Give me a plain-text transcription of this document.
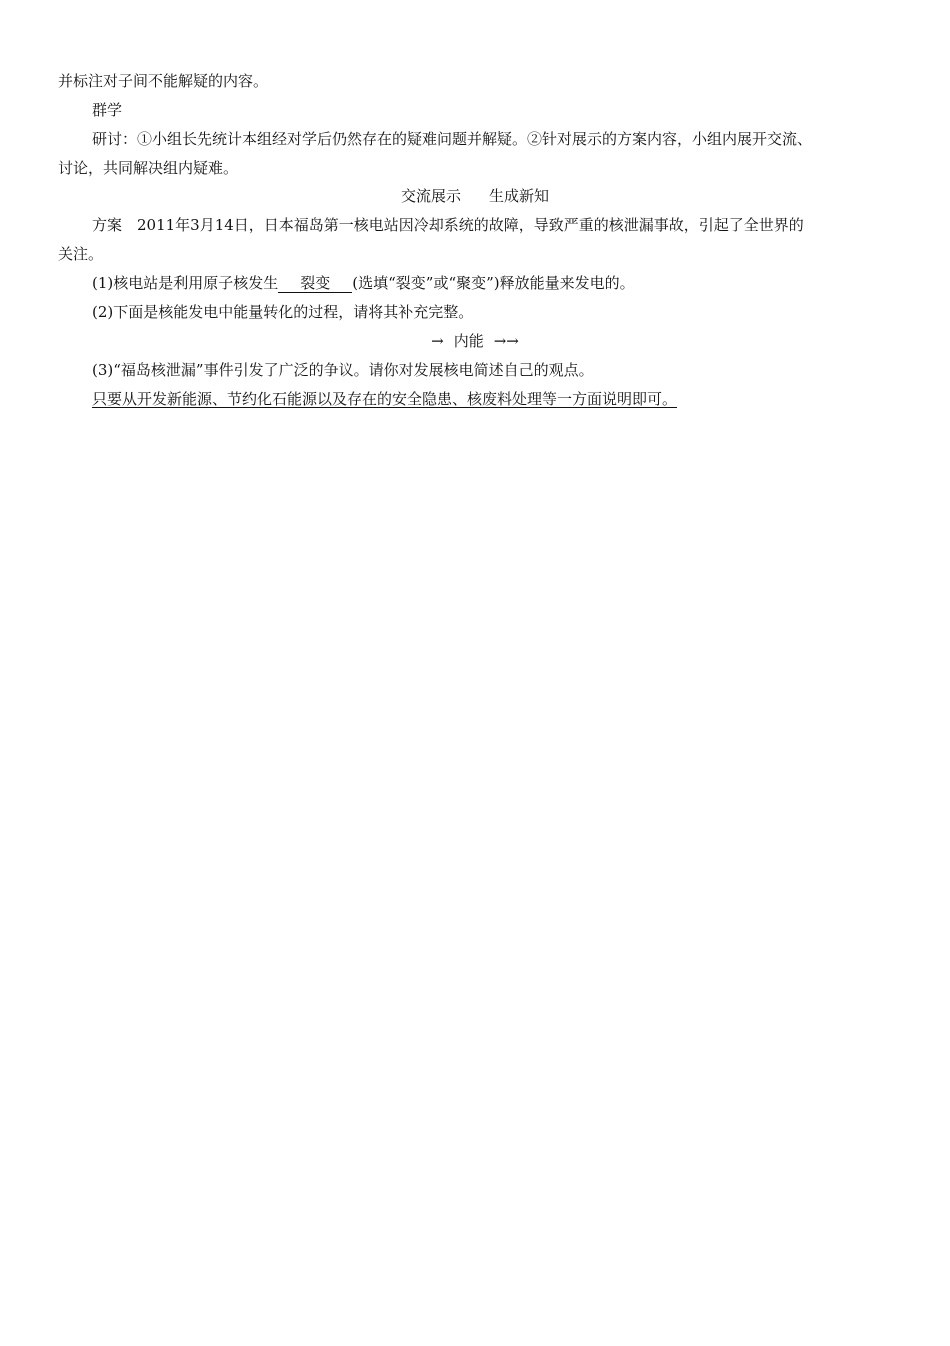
并标注对子间不能解疑的内容。
群学
研讨：①小组长先统计本组经对学后仍然存在的疑难问题并解疑。②针对展示的方案内容，小组内展开交流、
讨论，共同解决组内疑难。
交流展示 生成新知
方案　2011年3月14日，日本福岛第一核电站因冷却系统的故障，导致严重的核泄漏事故，引起了全世界的
关注。
(1)核电站是利用原子核发生 裂变 (选填“裂变”或“聚变”)释放能量来发电的。
(2)下面是核能发电中能量转化的过程，请将其补充完整。
→ 内能 →→
(3)“福岛核泄漏”事件引发了广泛的争议。请你对发展核电简述自己的观点。
只要从开发新能源、节约化石能源以及存在的安全隐患、核废料处理等一方面说明即可。
